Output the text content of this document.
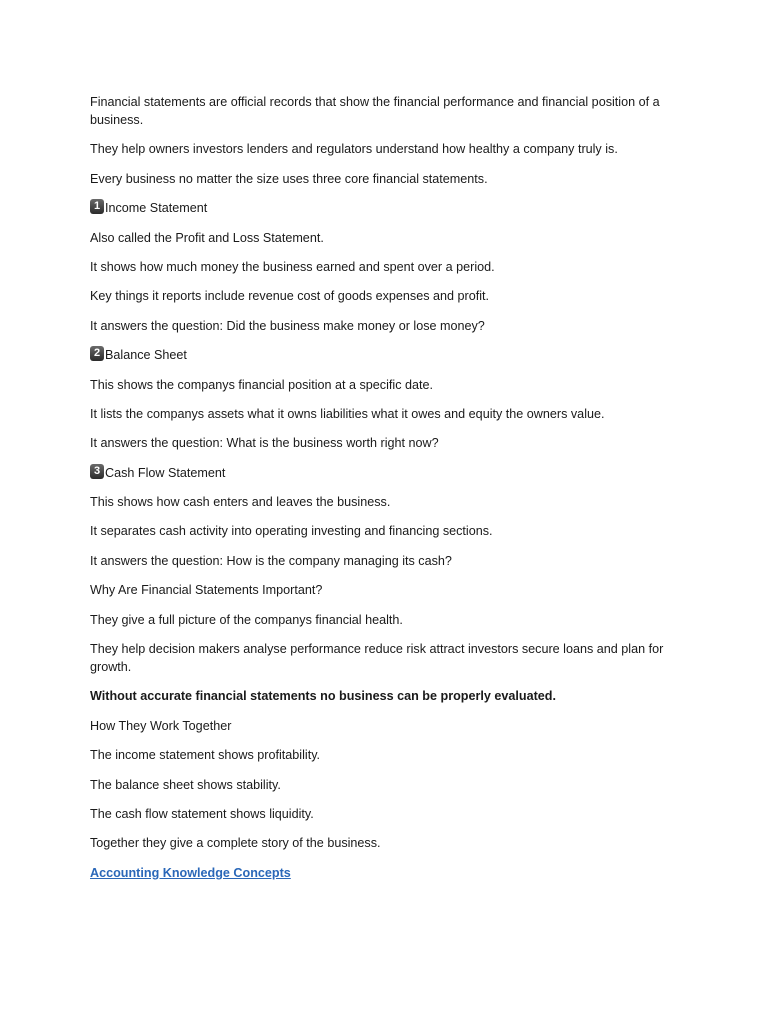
Financial statements are official records that show the financial performance and financial position of a business.

They help owners investors lenders and regulators understand how healthy a company truly is.

Every business no matter the size uses three core financial statements.

1 Income Statement

Also called the Profit and Loss Statement.

It shows how much money the business earned and spent over a period.

Key things it reports include revenue cost of goods expenses and profit.

It answers the question: Did the business make money or lose money?

2 Balance Sheet

This shows the companys financial position at a specific date.

It lists the companys assets what it owns liabilities what it owes and equity the owners value.

It answers the question: What is the business worth right now?

3 Cash Flow Statement

This shows how cash enters and leaves the business.

It separates cash activity into operating investing and financing sections.

It answers the question: How is the company managing its cash?

Why Are Financial Statements Important?

They give a full picture of the companys financial health.

They help decision makers analyse performance reduce risk attract investors secure loans and plan for growth.

Without accurate financial statements no business can be properly evaluated.

How They Work Together

The income statement shows profitability.

The balance sheet shows stability.

The cash flow statement shows liquidity.

Together they give a complete story of the business.

Accounting Knowledge Concepts
